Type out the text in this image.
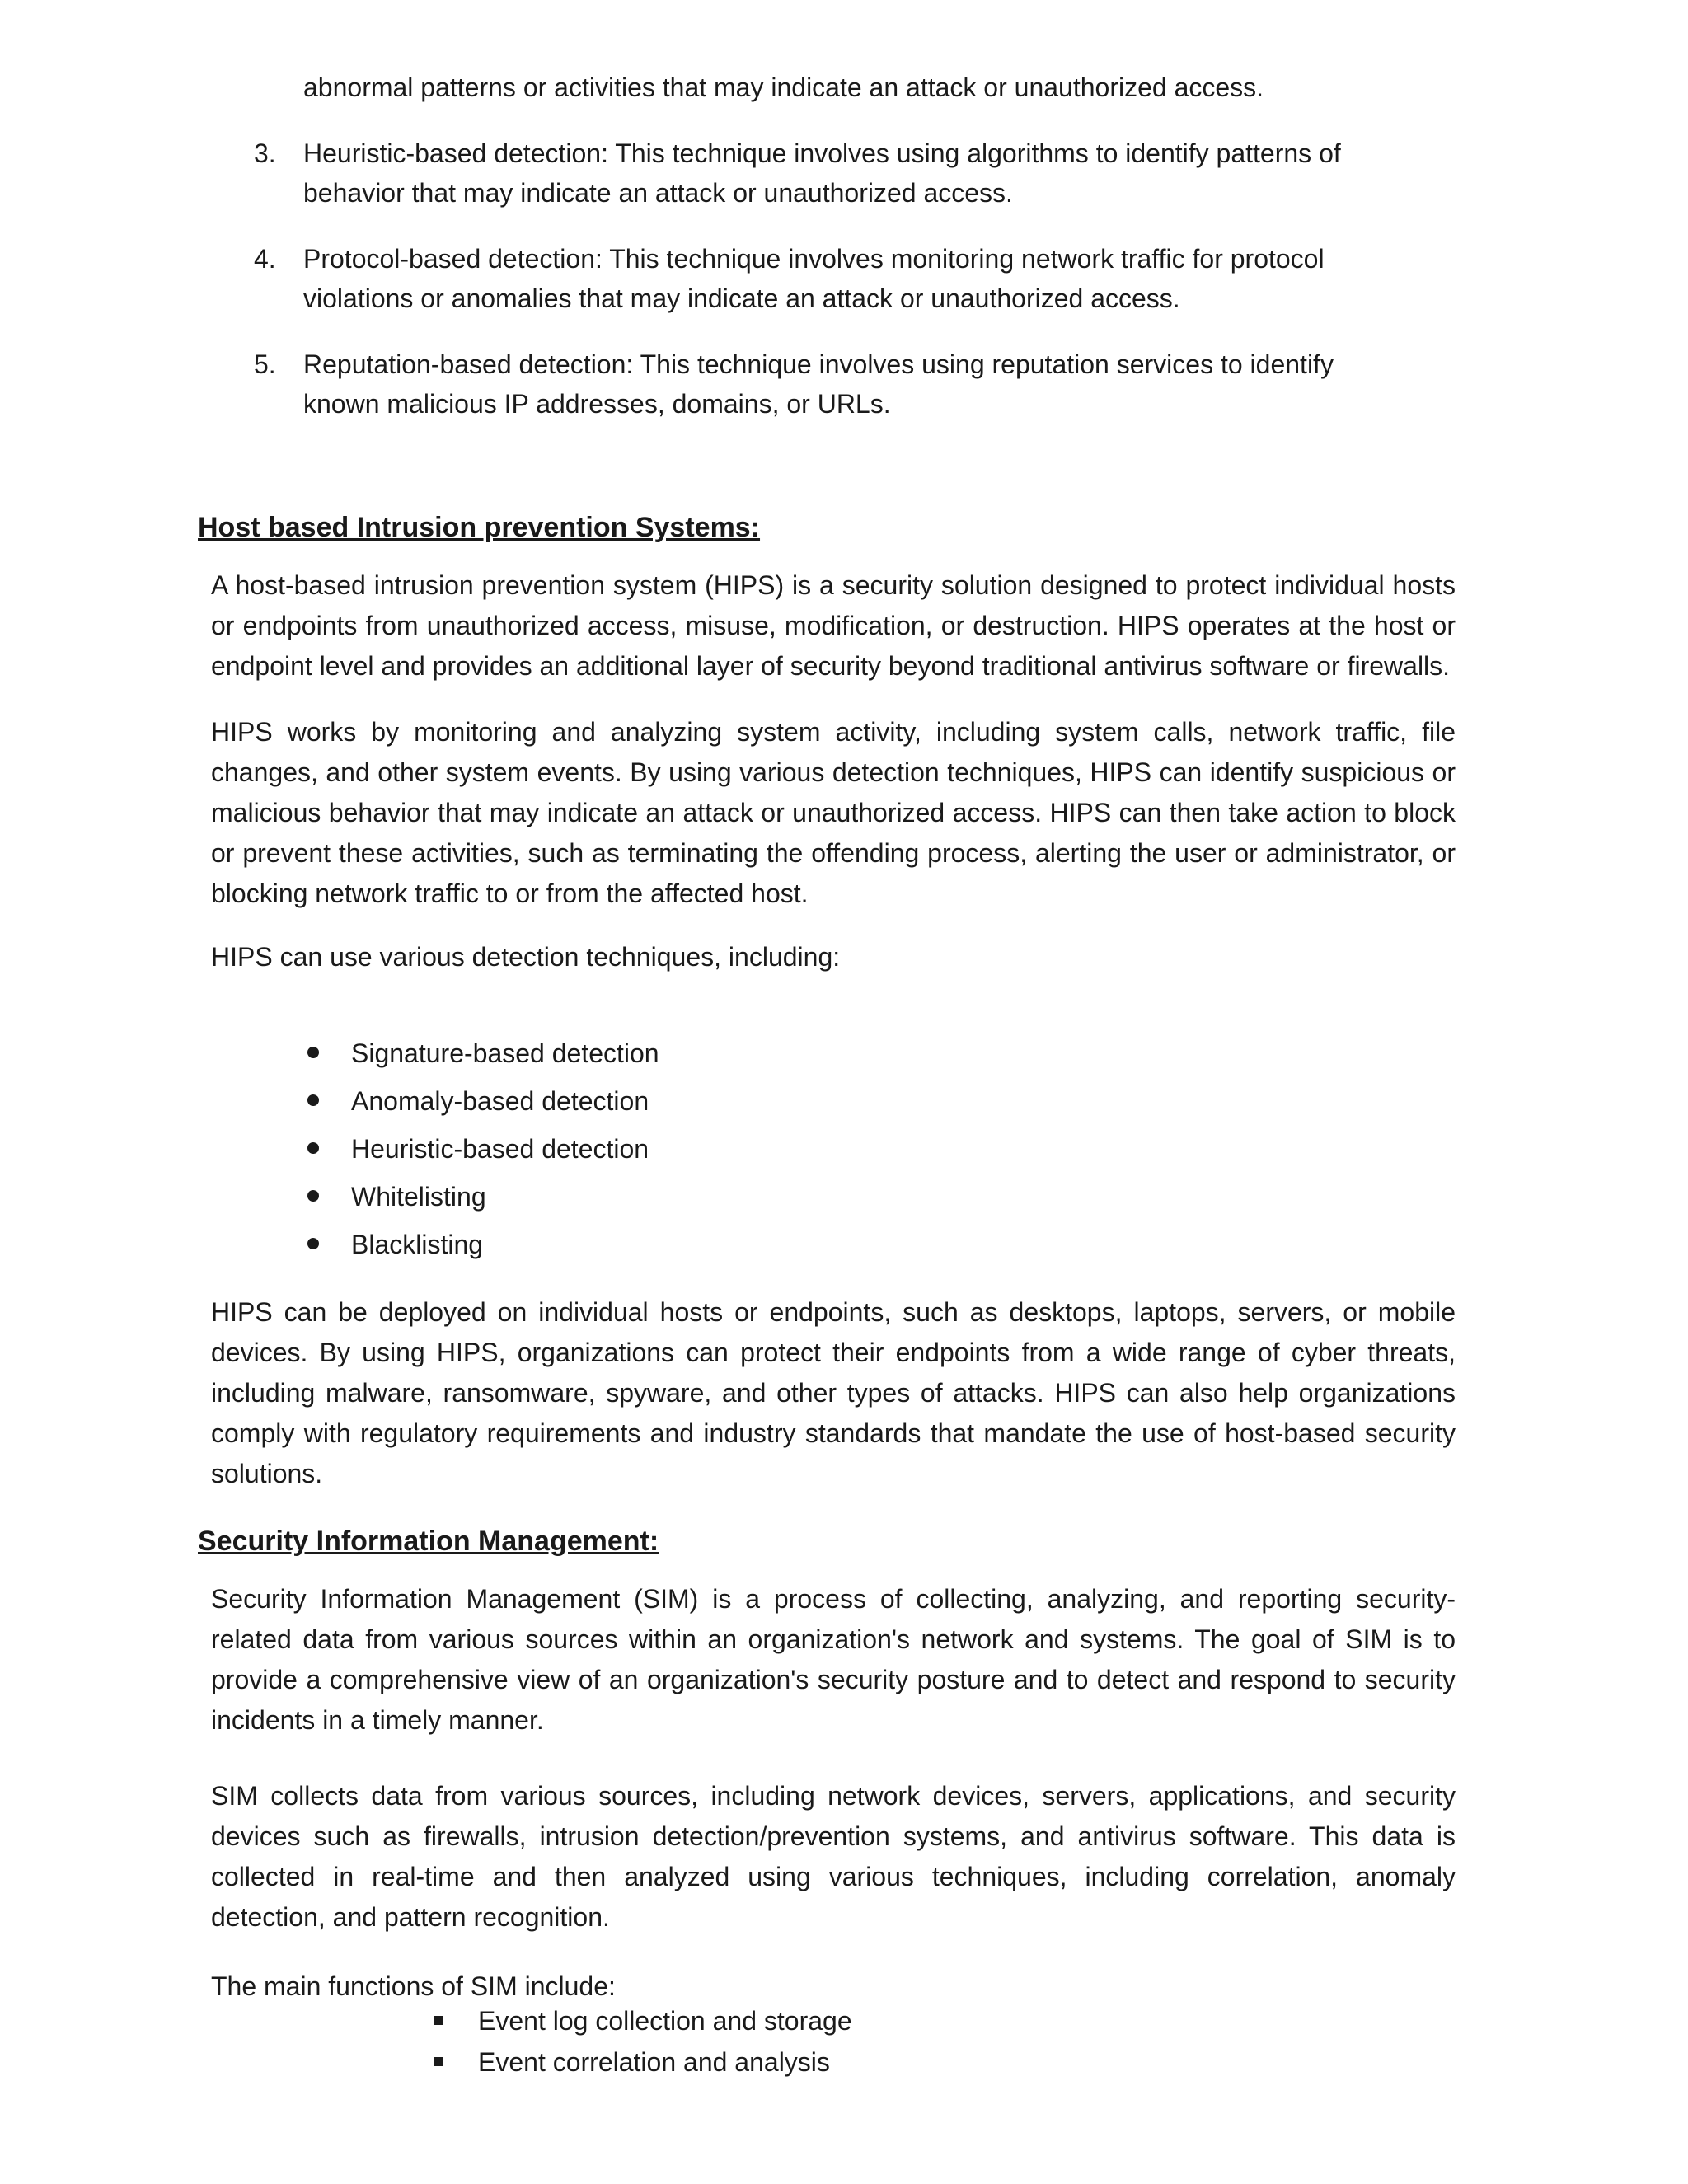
abnormal patterns or activities that may indicate an attack or unauthorized access.
3.	Heuristic-based detection: This technique involves using algorithms to identify patterns of
behavior that may indicate an attack or unauthorized access.
4.	Protocol-based detection: This technique involves monitoring network traffic for protocol
violations or anomalies that may indicate an attack or unauthorized access.
5.	Reputation-based detection: This technique involves using reputation services to identify
known malicious IP addresses, domains, or URLs.
Host based Intrusion prevention Systems:

A host-based intrusion prevention system (HIPS) is a security solution designed to protect individual hosts or endpoints from unauthorized access, misuse, modification, or destruction. HIPS operates at the host or endpoint level and provides an additional layer of security beyond traditional antivirus software or firewalls.

HIPS works by monitoring and analyzing system activity, including system calls, network traffic, file changes, and other system events. By using various detection techniques, HIPS can identify suspicious or malicious behavior that may indicate an attack or unauthorized access. HIPS can then take action to block or prevent these activities, such as terminating the offending process, alerting the user or administrator, or blocking network traffic to or from the affected host.

HIPS can use various detection techniques, including:

Signature-based detection
Anomaly-based detection
Heuristic-based detection
Whitelisting
Blacklisting

HIPS can be deployed on individual hosts or endpoints, such as desktops, laptops, servers, or mobile devices. By using HIPS, organizations can protect their endpoints from a wide range of cyber threats, including malware, ransomware, spyware, and other types of attacks. HIPS can also help organizations comply with regulatory requirements and industry standards that mandate the use of host-based security solutions.

Security Information Management:

Security Information Management (SIM) is a process of collecting, analyzing, and reporting security-related data from various sources within an organization's network and systems. The goal of SIM is to provide a comprehensive view of an organization's security posture and to detect and respond to security incidents in a timely manner.

SIM collects data from various sources, including network devices, servers, applications, and security devices such as firewalls, intrusion detection/prevention systems, and antivirus software. This data is collected in real-time and then analyzed using various techniques, including correlation, anomaly detection, and pattern recognition.

The main functions of SIM include:

Event log collection and storage
Event correlation and analysis
